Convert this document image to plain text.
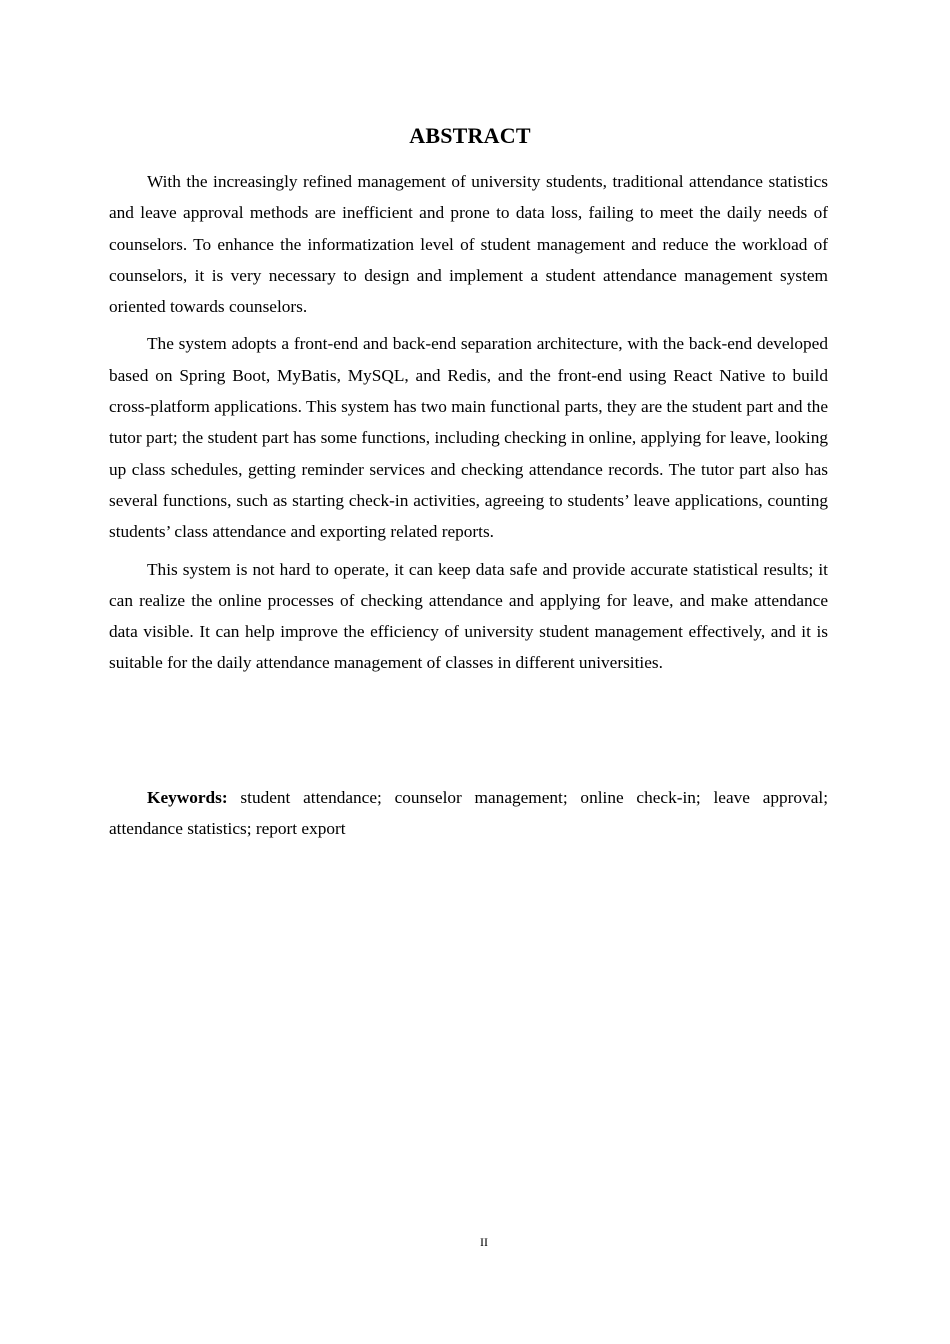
ABSTRACT

With the increasingly refined management of university students, traditional attendance statistics and leave approval methods are inefficient and prone to data loss, failing to meet the daily needs of counselors. To enhance the informatization level of student management and reduce the workload of counselors, it is very necessary to design and implement a student attendance management system oriented towards counselors.

The system adopts a front-end and back-end separation architecture, with the back-end developed based on Spring Boot, MyBatis, MySQL, and Redis, and the front-end using React Native to build cross-platform applications. This system has two main functional parts, they are the student part and the tutor part; the student part has some functions, including checking in online, applying for leave, looking up class schedules, getting reminder services and checking attendance records. The tutor part also has several functions, such as starting check-in activities, agreeing to students’ leave applications, counting students’ class attendance and exporting related reports.

This system is not hard to operate, it can keep data safe and provide accurate statistical results; it can realize the online processes of checking attendance and applying for leave, and make attendance data visible. It can help improve the efficiency of university student management effectively, and it is suitable for the daily attendance management of classes in different universities.

Keywords: student attendance; counselor management; online check-in; leave approval; attendance statistics; report export

II
